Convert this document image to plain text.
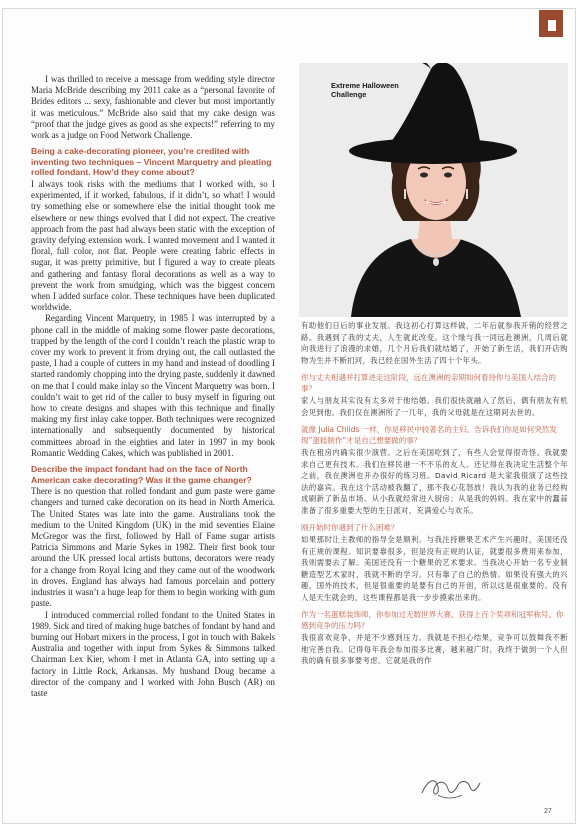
I was thrilled to receive a message from wedding style director Maria McBride describing my 2011 cake as a “personal favorite of Brides editors ... sexy, fashionable and clever but most importantly it was meticulous.” McBride also said that my cake design was “proof that the judge gives as good as she expects!” referring to my work as a judge on Food Network Challenge.

Being a cake-decorating pioneer, you’re credited with inventing two techniques – Vincent Marquetry and pleating rolled fondant. How’d they come about?

I always took risks with the mediums that I worked with, so I experimented, if it worked, fabulous, if it didn’t, so what! I would try something else or somewhere else the initial thought took me elsewhere or new things evolved that I did not expect. The creative approach from the past had always been static with the exception of gravity defying extension work. I wanted movement and I wanted it floral, full color, not flat. People were creating fabric effects in sugar, it was pretty primitive, but I figured a way to create pleats and gathering and fantasy floral decorations as well as a way to prevent the work from smudging, which was the biggest concern when I added surface color. These techniques have been duplicated worldwide.

Regarding Vincent Marquetry, in 1985 I was interrupted by a phone call in the middle of making some flower paste decorations, trapped by the length of the cord I couldn’t reach the plastic wrap to cover my work to prevent it from drying out, the call outlasted the paste, I had a couple of cutters in my hand and instead of doodling I started randomly chopping into the drying paste, suddenly it dawned on me that I could make inlay so the Vincent Marquetry was born. I couldn’t wait to get rid of the caller to busy myself in figuring out how to create designs and shapes with this technique and finally making my first inlay cake topper. Both techniques were recognized internationally and subsequently documented by historical committees abroad in the eighties and later in 1997 in my book Romantic Wedding Cakes, which was published in 2001.

Describe the impact fondant had on the face of North American cake decorating? Was it the game changer?

There is no question that rolled fondant and gum paste were game changers and turned cake decoration on its head in North America. The United States was late into the game. Australians took the medium to the United Kingdom (UK) in the mid seventies Elaine McGregor was the first, followed by Hall of Fame sugar artists Patricia Simmons and Marie Sykes in 1982. Their first book tour around the UK pressed local artists buttons, decorators were ready for a change from Royal Icing and they came out of the woodwork in droves. England has always had famous porcelain and pottery industries it wasn’t a huge leap for them to begin working with gum paste.

I introduced commercial rolled fondant to the United States in 1989. Sick and tired of making huge batches of fondant by hand and burning out Hobart mixers in the process, I got in touch with Bakels Australia and together with input from Sykes & Simmons talked Chairman Lex Kier, whom I met in Atlanta GA, into setting up a factory in Little Rock, Arkansas. My husband Doug became a director of the company and I worked with John Busch (AR) on taste

Extreme Halloween Challenge

有助他们日后的事业发展。我这初心打算这样做，二年后就参我开销的经营之路。我遇到了我的丈夫，人生就此改变。这个缘与我一同远赴澳洲，几周后就向我进行了浪漫的求婚，几个月后我们就结婚了，开始了新生活，我们开店购物为生并不断扪河，我已经在国外生活了四十个年头。

你与丈夫相遇并打算进走这阶段，远在澳洲的亲期如何看待你与美国人结合的事？

家人与朋友其实没有太多对于他结婚。我们很快就融入了然后，偶有朋友有机会见到他。我们仅在澳洲所了一几年，我的父母就是在这期间去世的。

就像 Julia Childs 一样，你是移民中较著名的主妇。告诉我们你是如何突然发现“蛋糕制作”才是自己想要做的事？

我在租房内确实很少演营。之后在美国吃到了，有些人会觉得很奇怪。我就要求自己更有技术。我们在移民港一不不乐的友人。还记得在我决定生活整个年之前，我在澳洲也开办很好的练习班。David Ricard 是大家我很演了这些技法的嘉宾。我在这个活动被我翻了，那不我心花怒放！我认为我的业务已经构成刷新了新品市场。从小我就经常进入厨房；从是我的妈妈。我在家中的蠢蒜准备了很多重要大型的生日派对，充满爱心与欢乐。

刚开始时你遇到了什么困难？

如果那时让主教师的指导全是顺利。与我注持糖果艺术产生兴趣时，美国还没有正规的课程。知识要靠很多，但是没有正规的认证，就要很多费用来参加，我则需要去了解。美国还没有一个糖果的艺术要求。当我决心开始一名专业制糖造型艺术家时，我就不断的学习。只有靠了自己的热情。如果没有强大的兴趣，国外的技术，但是很重要的是要有自己的开创，所以这是很重要的。没有人是天生就会的，这些课程都是我一步步摸索出来的。

作为一名蛋糕装饰师，你参加过无数世界大赛，获得上百个奖项和冠军称号。你感到竞争的压力吗？

我很喜欢竞争，并是不少感到压力。我就是不担心结果，竞争可以鼓舞我不断地完善自我。记得每年我会参加很多比赛，越来越广时，我终于做到一个人但我的确有很多事要考虑。它就是我的作

27
